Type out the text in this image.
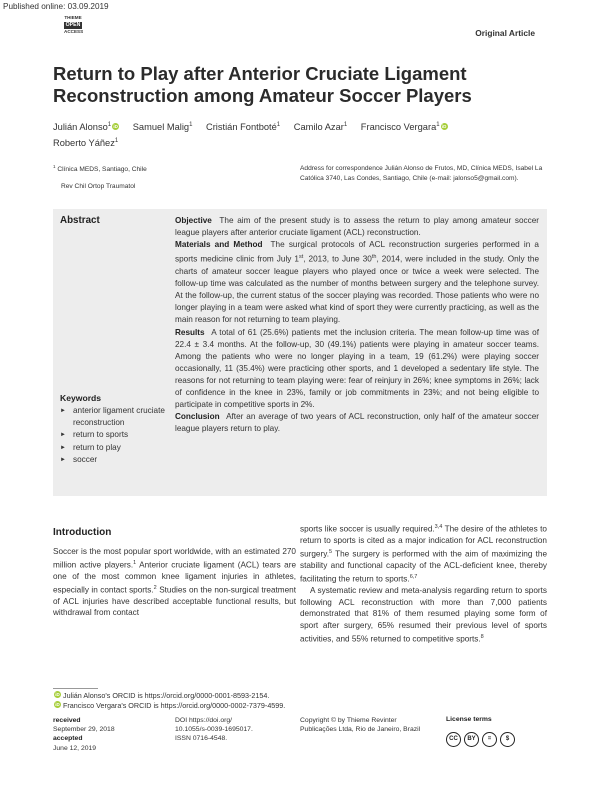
Published online: 03.09.2019
THIEME
OPEN
ACCESS	Original Article
Return to Play after Anterior Cruciate Ligament Reconstruction among Amateur Soccer Players
Julián Alonso$^1$ iD Samuel Malig$^1$ Cristián Fontboté$^1$ Camilo Azar$^1$ Francisco Vergara$^1$ iD
Roberto Yáñez$^1$
$^1$ Clínica MEDS, Santiago, Chile
Rev Chil Ortop Traumatol
Address for correspondence Julián Alonso de Frutos, MD, Clínica MEDS, Isabel La Católica 3740, Las Condes, Santiago, Chile (e-mail: jalonso5@gmail.com).
Abstract	Objective The aim of the present study is to assess the return to play among amateur soccer league players after anterior cruciate ligament (ACL) reconstruction.

Materials and Method The surgical protocols of ACL reconstruction surgeries performed in a sports medicine clinic from July 1st, 2013, to June 30th, 2014, were included in the study. Only the charts of amateur soccer league players who played once or twice a week were selected. The follow-up time was calculated as the number of months between surgery and the telephone survey. At the follow-up, the current status of the soccer playing was recorded. Those patients who were no longer playing in a team were asked what kind of sport they were currently practicing, as well as the main reason for not returning to team playing.

Results A total of 61 (25.6%) patients met the inclusion criteria. The mean follow-up time was of 22.4 ± 3.4 months. At the follow-up, 30 (49.1%) patients were playing in amateur soccer teams. Among the patients who were no longer playing in a team, 19 (61.2%) were playing soccer occasionally, 11 (35.4%) were practicing other sports, and 1 developed a sedentary life style. The reasons for not returning to team playing were: fear of reinjury in 26%; knee symptoms in 26%; lack of confidence in the knee in 23%, family or job commitments in 23%; and not being eligible to participate in competitive sports in 2%.

Conclusion After an average of two years of ACL reconstruction, only half of the amateur soccer league players return to play.

Keywords
► anterior ligament cruciate reconstruction
► return to sports
► return to play
► soccer
Introduction

Soccer is the most popular sport worldwide, with an estimated 270 million active players.$^1$ Anterior cruciate ligament (ACL) tears are one of the most common knee ligament injuries in athletes, especially in contact sports.$^2$ Studies on the non-surgical treatment of ACL injuries have described acceptable functional results, but withdrawal from contact

sports like soccer is usually required.$^{3,4}$ The desire of the athletes to return to sports is cited as a major indication for ACL reconstruction surgery.$^5$ The surgery is performed with the aim of maximizing the stability and functional capacity of the ACL-deficient knee, thereby facilitating the return to sports.$^{6,7}$

A systematic review and meta-analysis regarding return to sports following ACL reconstruction with more than 7,000 patients demonstrated that 81% of them resumed playing some form of sport after surgery, 65% resumed their previous level of sports activities, and 55% returned to competitive sports.$^8$

iD Julián Alonso's ORCID is https://orcid.org/0000-0001-8593-2154.
iD Francisco Vergara's ORCID is https://orcid.org/0000-0002-7379-4599.
received
September 29, 2018
accepted
June 12, 2019
DOI https://doi.org/
10.1055/s-0039-1695017.
ISSN 0716-4548.
Copyright © by Thieme Revinter
Publicações Ltda, Rio de Janeiro, Brazil
License terms
CC BY = $
